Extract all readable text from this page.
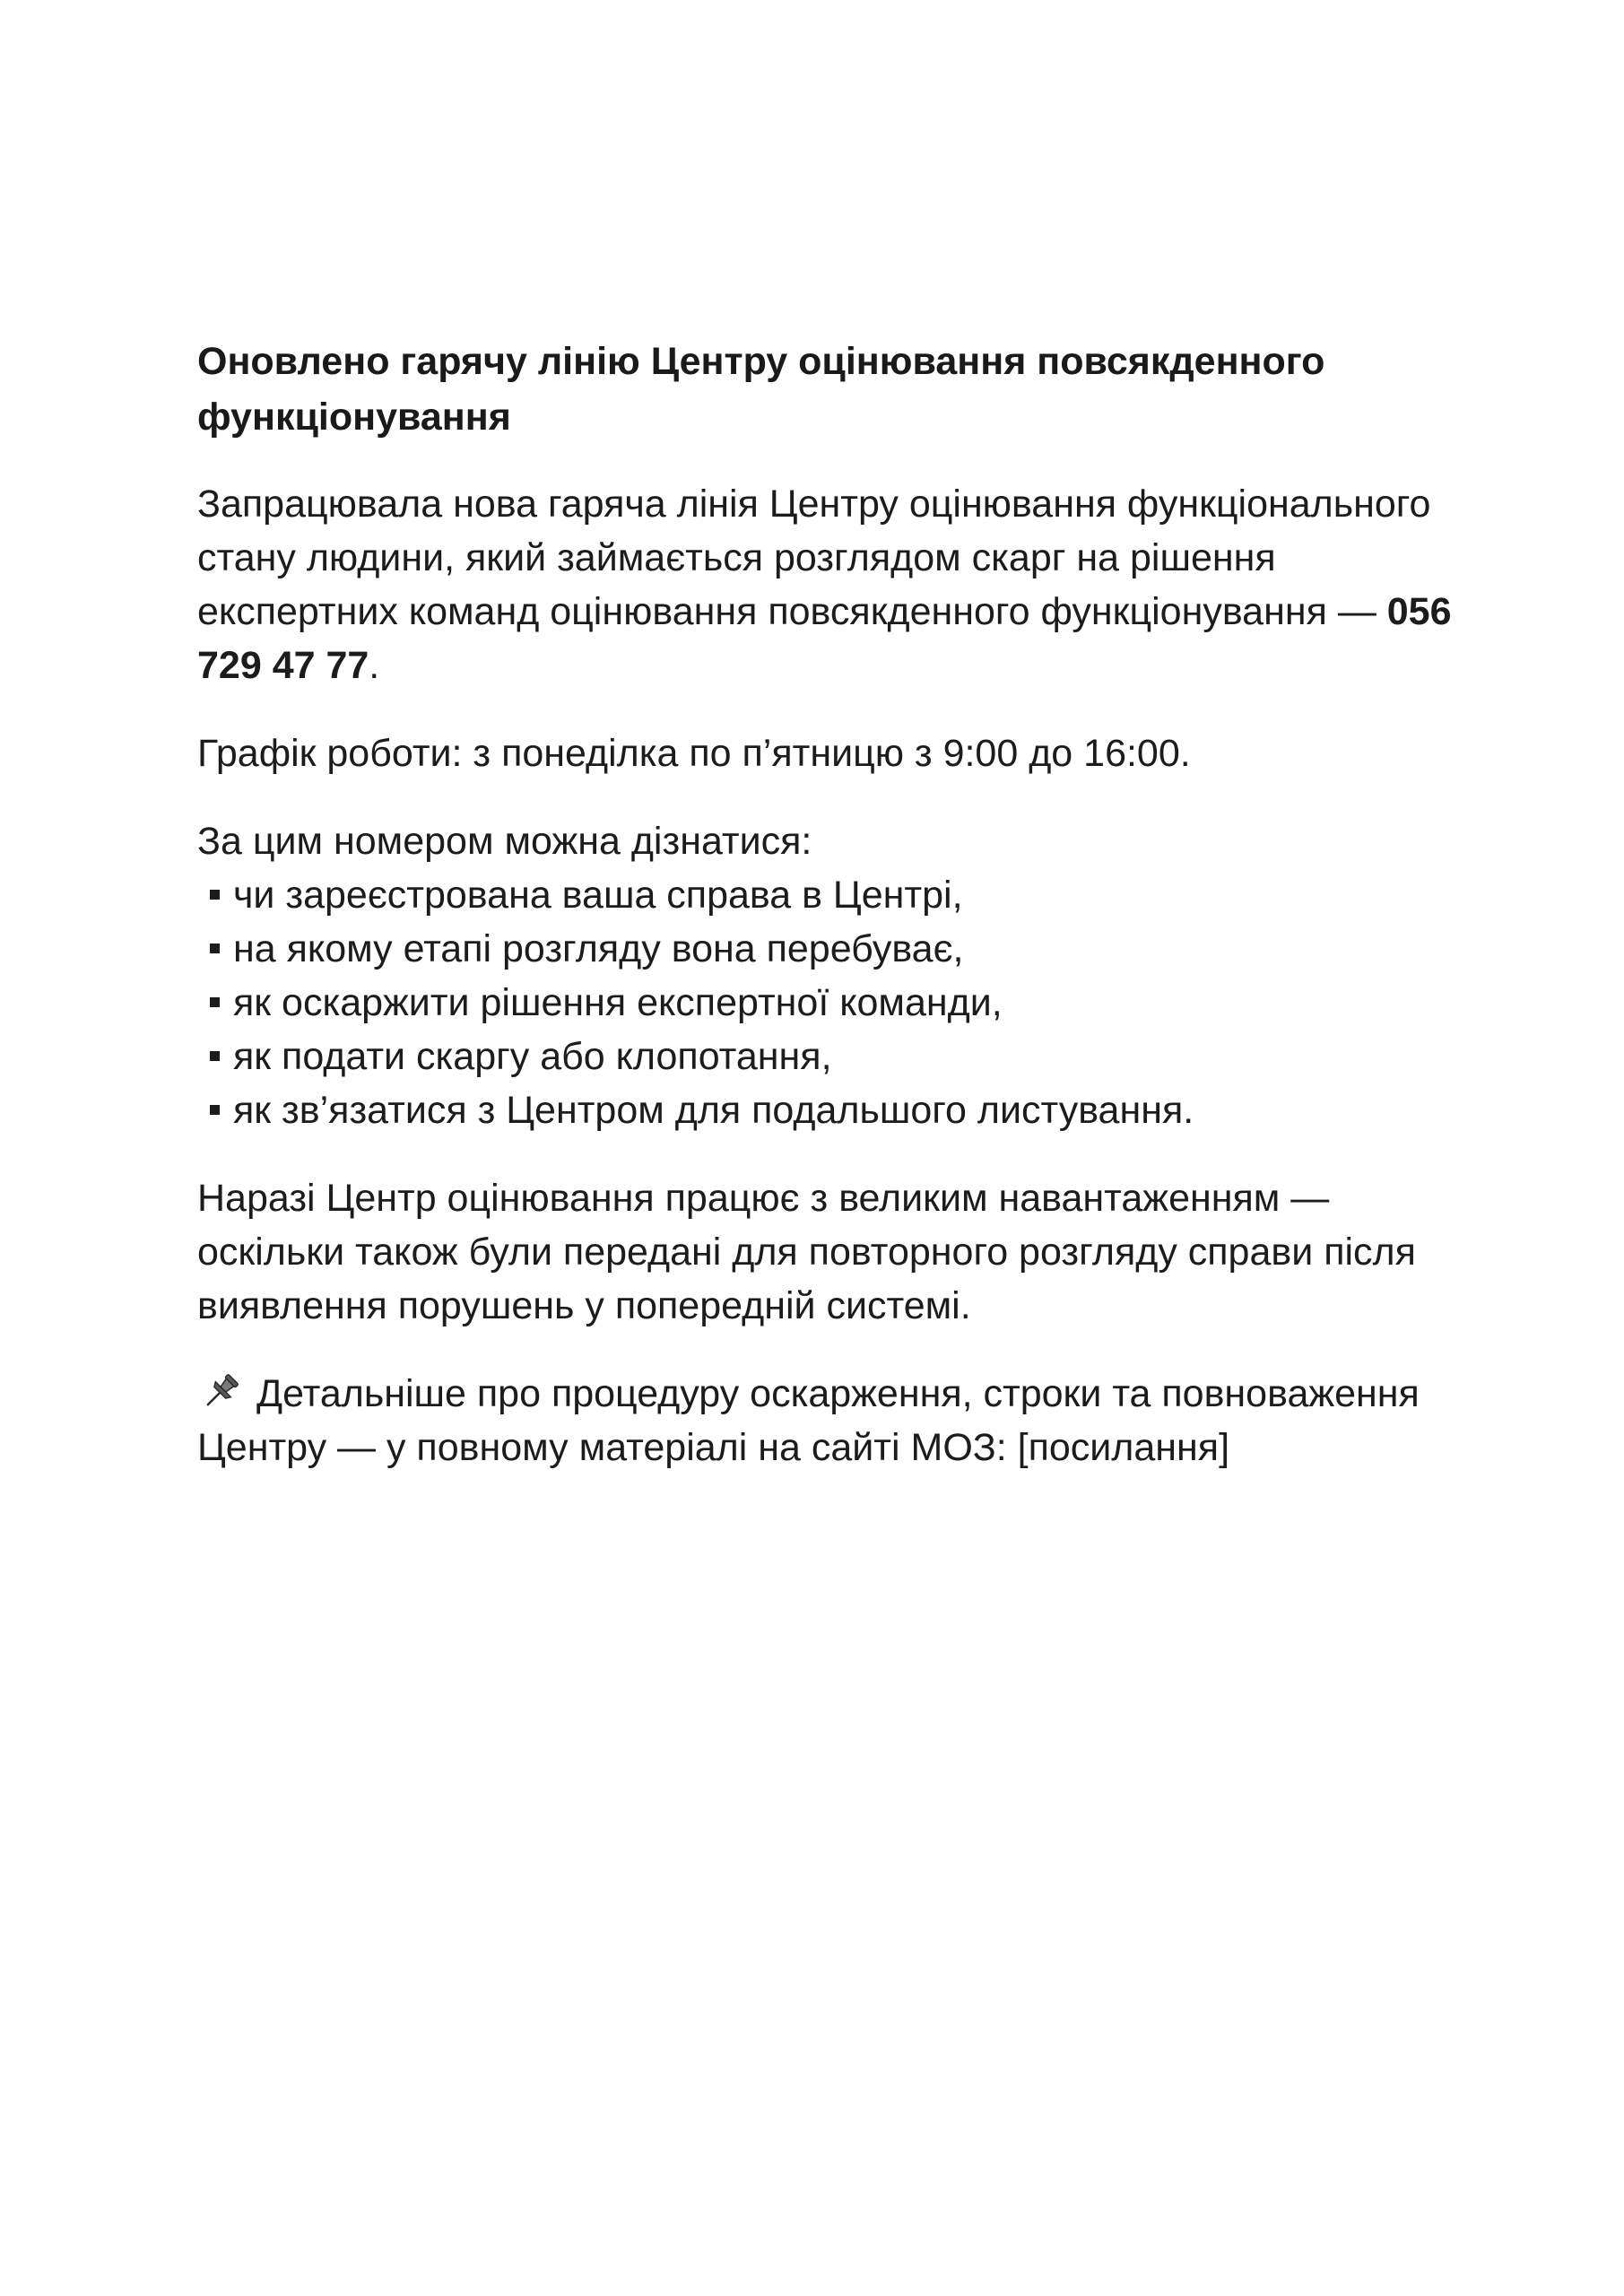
Оновлено гарячу лінію Центру оцінювання повсякденного функціонування

Запрацювала нова гаряча лінія Центру оцінювання функціонального стану людини, який займається розглядом скарг на рішення експертних команд оцінювання повсякденного функціонування — 056 729 47 77.

Графік роботи: з понеділка по п’ятницю з 9:00 до 16:00.

За цим номером можна дізнатися:

чи зареєстрована ваша справа в Центрі,
на якому етапі розгляду вона перебуває,
як оскаржити рішення експертної команди,
як подати скаргу або клопотання,
як зв’язатися з Центром для подальшого листування.

Наразі Центр оцінювання працює з великим навантаженням — оскільки також були передані для повторного розгляду справи після виявлення порушень у попередній системі.

Детальніше про процедуру оскарження, строки та повноваження Центру — у повному матеріалі на сайті МОЗ: [посилання]
